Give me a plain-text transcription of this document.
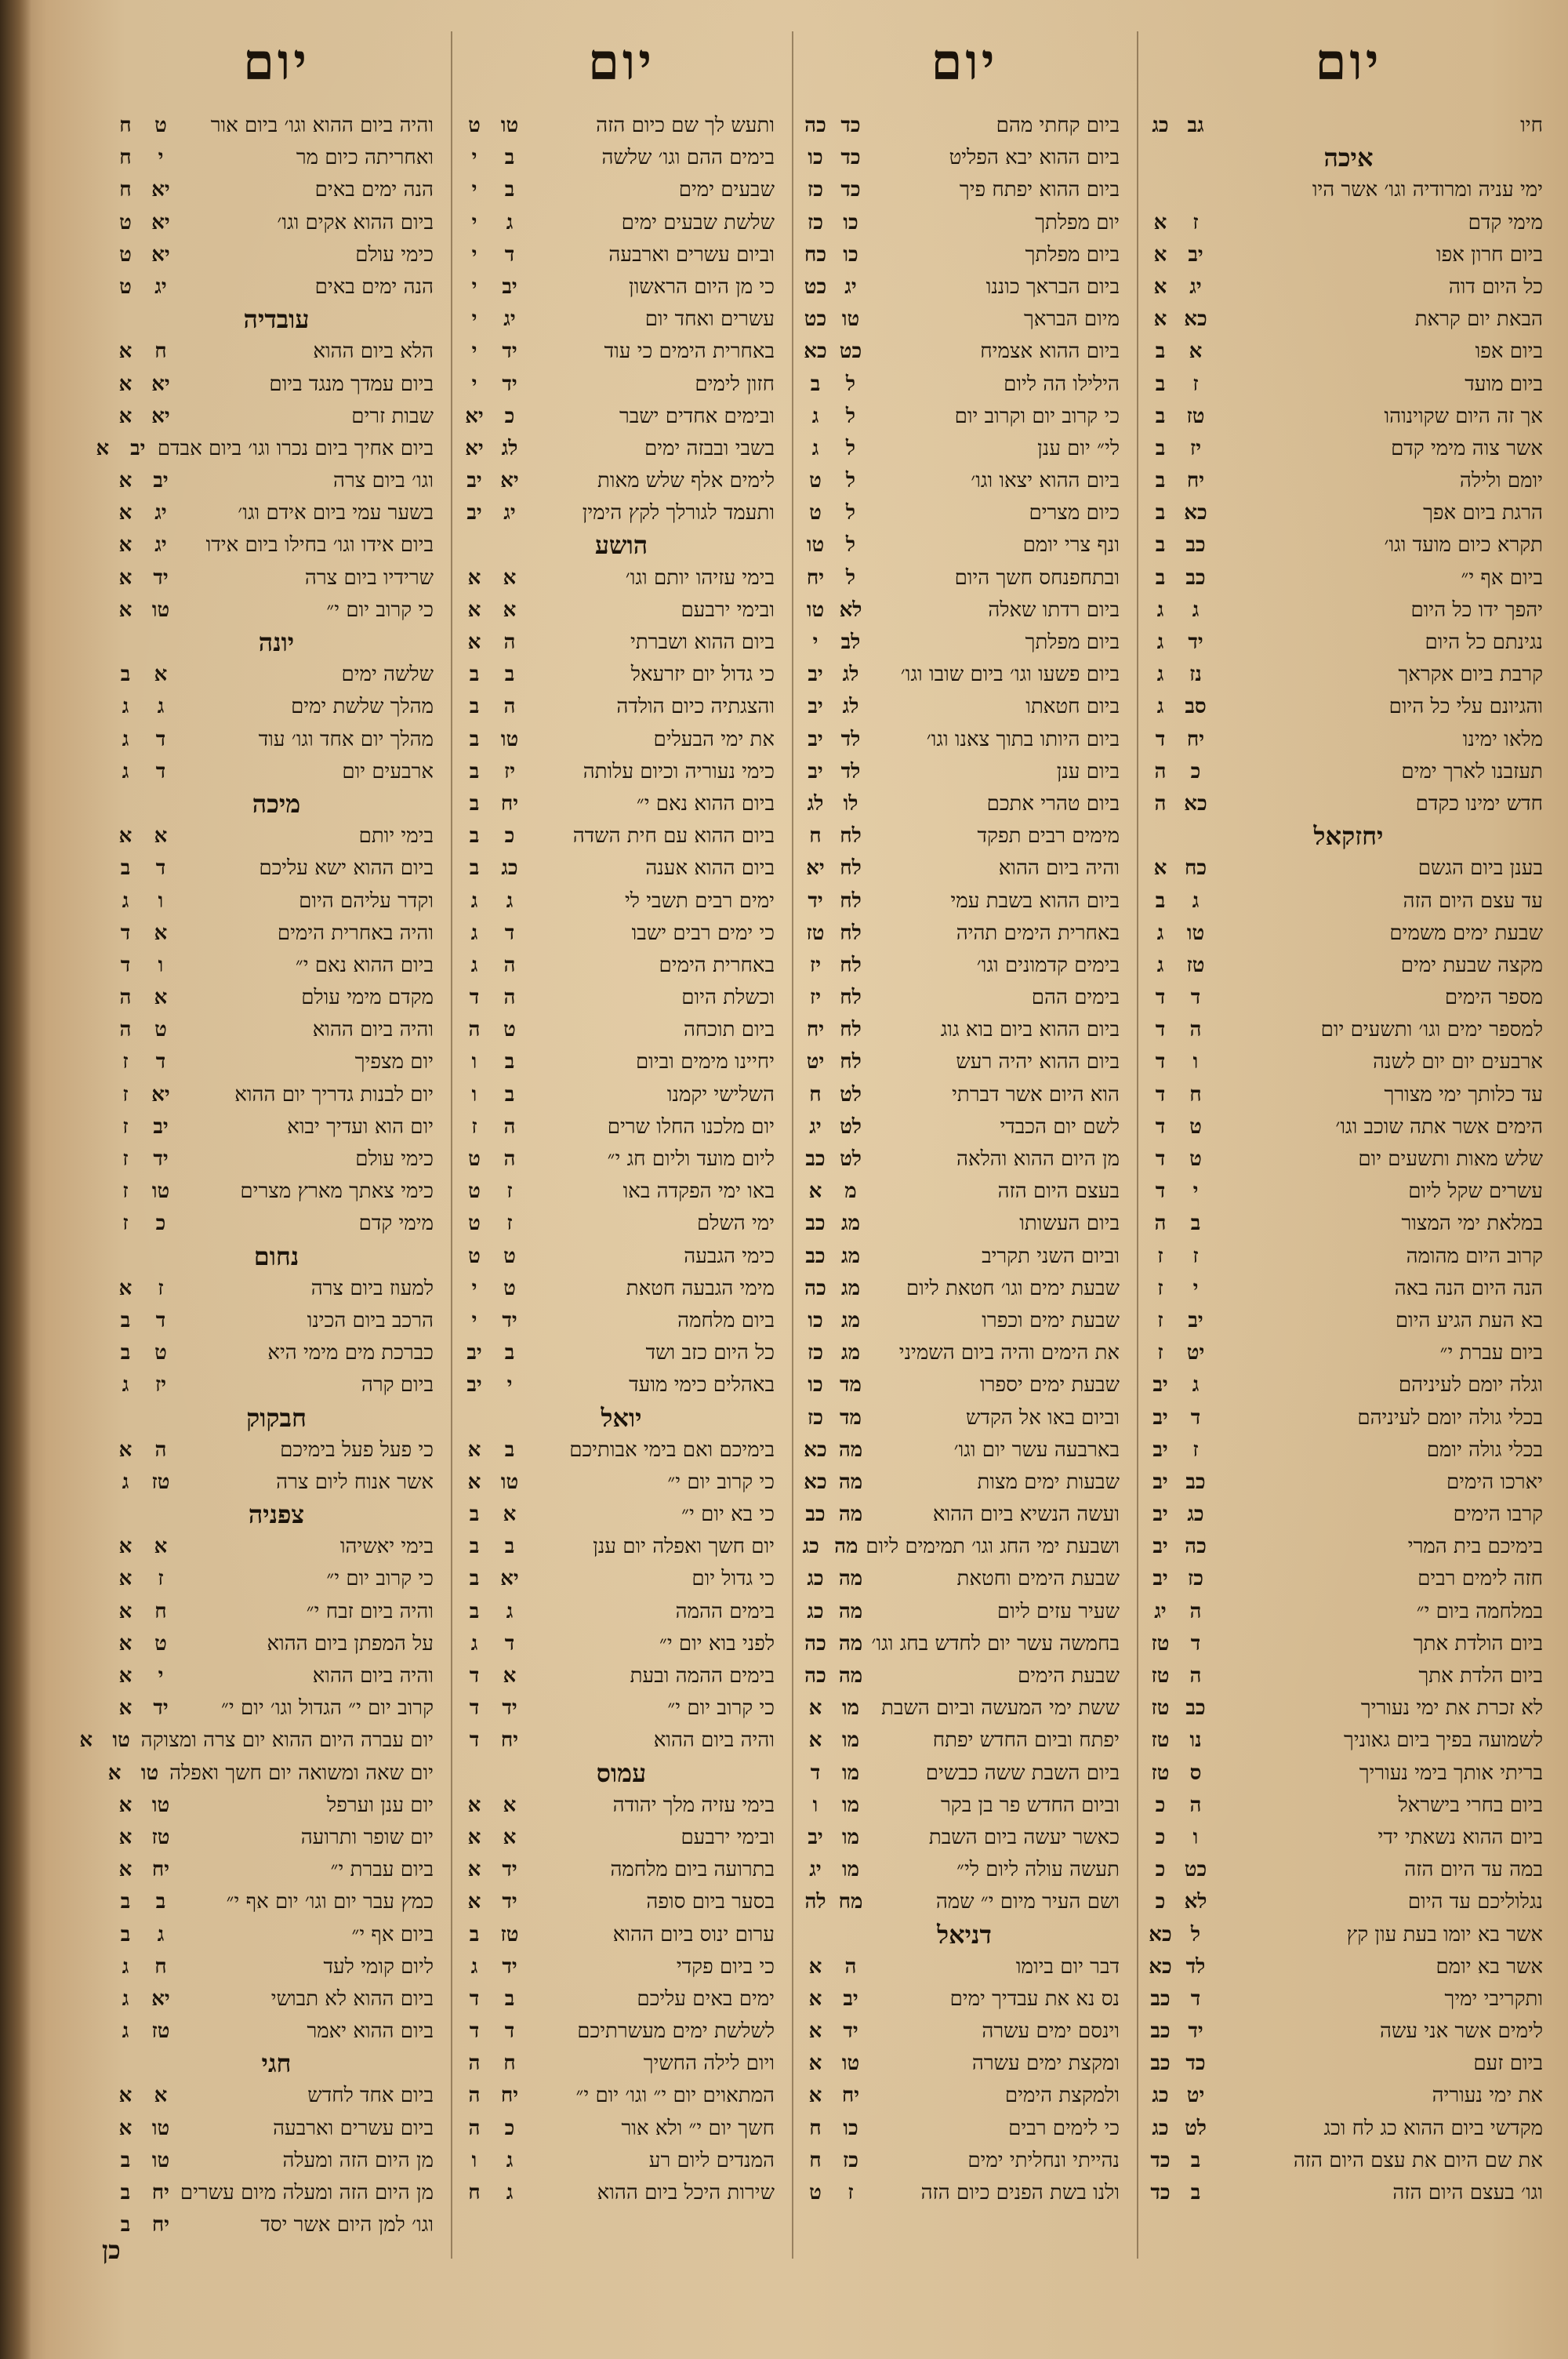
יום
חיו
גב
כג
איכה
ימי עניה ומרודיה וגו׳ אשר היו
מימי קדם
ז
א
ביום חרון אפו
יב
א
כל היום דוה
יג
א
הבאת יום קראת
כא
א
ביום אפו
א
ב
ביום מועד
ז
ב
אך זה היום שקוינוהו
טז
ב
אשר צוה מימי קדם
יז
ב
יומם ולילה
יח
ב
הרגת ביום אפך
כא
ב
תקרא כיום מועד וגו׳
כב
ב
ביום אף י״
כב
ב
יהפך ידו כל היום
ג
ג
נגינתם כל היום
יד
ג
קרבת ביום אקראך
נז
ג
והגיונם עלי כל היום
סב
ג
מלאו ימינו
יח
ד
תעזבנו לארך ימים
כ
ה
חדש ימינו כקדם
כא
ה
יחזקאל
בענן ביום הגשם
כח
א
עד עצם היום הזה
ג
ב
שבעת ימים משמים
טו
ג
מקצה שבעת ימים
טז
ג
מספר הימים
ד
ד
למספר ימים וגו׳ ותשעים יום
ה
ד
ארבעים יום יום לשנה
ו
ד
עד כלותך ימי מצורך
ח
ד
הימים אשר אתה שוכב וגו׳
ט
ד
שלש מאות ותשעים יום
ט
ד
עשרים שקל ליום
י
ד
במלאת ימי המצור
ב
ה
קרוב היום מהומה
ז
ז
הנה היום הנה באה
י
ז
בא העת הגיע היום
יב
ז
ביום עברת י״
יט
ז
וגלה יומם לעיניהם
ג
יב
בכלי גולה יומם לעיניהם
ד
יב
בכלי גולה יומם
ז
יב
יארכו הימים
כב
יב
קרבו הימים
כג
יב
בימיכם בית המרי
כה
יב
חזה לימים רבים
כז
יב
במלחמה ביום י״
ה
יג
ביום הולדת אתך
ד
טז
ביום הלדת אתך
ה
טז
לא זכרת את ימי נעוריך
כב
טז
לשמועה בפיך ביום גאוניך
נו
טז
בריתי אותך בימי נעוריך
ס
טז
ביום בחרי בישראל
ה
כ
ביום ההוא נשאתי ידי
ו
כ
במה עד היום הזה
כט
כ
נגלוליכם עד היום
לא
כ
אשר בא יומו בעת עון קץ
ל
כא
אשר בא יומם
לד
כא
ותקריבי ימיך
ד
כב
לימים אשר אני עשה
יד
כב
ביום זעם
כד
כב
את ימי נעוריה
יט
כג
מקדשי ביום ההוא כג לח וכג
לט
כג
את שם היום את עצם היום הזה
ב
כד
וגו׳ בעצם היום הזה
ב
כד
יום
ביום קחתי מהם
כד
כה
ביום ההוא יבא הפליט
כד
כו
ביום ההוא יפתח פיך
כד
כז
יום מפלתך
כו
כז
ביום מפלתך
כו
כח
ביום הבראך כוננו
יג
כט
מיום הבראך
טו
כט
ביום ההוא אצמיח
כט
כא
הילילו הה ליום
ל
ב
כי קרוב יום וקרוב יום
ל
ג
לי״ יום ענן
ל
ג
ביום ההוא יצאו וגו׳
ל
ט
כיום מצרים
ל
ט
ונף צרי יומם
ל
טו
ובתחפנחס חשך היום
ל
יח
ביום רדתו שאלה
לא
טו
ביום מפלתך
לב
י
ביום פשעו וגו׳ ביום שובו וגו׳
לג
יב
ביום חטאתו
לג
יב
ביום היותו בתוך צאנו וגו׳
לד
יב
ביום ענן
לד
יב
ביום טהרי אתכם
לו
לג
מימים רבים תפקד
לח
ח
והיה ביום ההוא
לח
יא
ביום ההוא בשבת עמי
לח
יד
באחרית הימים תהיה
לח
טז
בימים קדמונים וגו׳
לח
יז
בימים ההם
לח
יז
ביום ההוא ביום בוא גוג
לח
יח
ביום ההוא יהיה רעש
לח
יט
הוא היום אשר דברתי
לט
ח
לשם יום הכבדי
לט
יג
מן היום ההוא והלאה
לט
כב
בעצם היום הזה
מ
א
ביום העשותו
מג
כב
וביום השני תקריב
מג
כב
שבעת ימים וגו׳ חטאת ליום
מג
כה
שבעת ימים וכפרו
מג
כו
את הימים והיה ביום השמיני
מג
כז
שבעת ימים יספרו
מד
כו
וביום באו אל הקדש
מד
כז
בארבעה עשר יום וגו׳
מה
כא
שבעות ימים מצות
מה
כא
ועשה הנשיא ביום ההוא
מה
כב
ושבעת ימי החג וגו׳ תמימים ליום
מה
כג
שבעת הימים וחטאת
מה
כג
שעיר עזים ליום
מה
כג
בחמשה עשר יום לחדש בחג וגו׳
מה
כה
שבעת הימים
מה
כה
ששת ימי המעשה וביום השבת
מו
א
יפתח וביום החדש יפתח
מו
א
ביום השבת ששה כבשים
מו
ד
וביום החדש פר בן בקר
מו
ו
כאשר יעשה ביום השבת
מו
יב
תעשה עולה ליום לי״
מו
יג
ושם העיר מיום י״ שמה
מח
לה
דניאל
דבר יום ביומו
ה
א
נס נא את עבדיך ימים
יב
א
וינסם ימים עשרה
יד
א
ומקצת ימים עשרה
טו
א
ולמקצת הימים
יח
א
כי לימים רבים
כו
ח
נהייתי ונחליתי ימים
כז
ח
ולנו בשת הפנים כיום הזה
ז
ט
יום
ותעש לך שם כיום הזה
טו
ט
בימים ההם וגו׳ שלשה
ב
י
שבעים ימים
ב
י
שלשת שבעים ימים
ג
י
וביום עשרים וארבעה
ד
י
כי מן היום הראשון
יב
י
עשרים ואחד יום
יג
י
באחרית הימים כי עוד
יד
י
חזון לימים
יד
י
ובימים אחדים ישבר
כ
יא
בשבי ובבזה ימים
לג
יא
לימים אלף שלש מאות
יא
יב
ותעמד לגורלך לקץ הימין
יג
יב
הושע
בימי עזיהו יותם וגו׳
א
א
ובימי ירבעם
א
א
ביום ההוא ושברתי
ה
א
כי גדול יום יזרעאל
ב
ב
והצגתיה כיום הולדה
ה
ב
את ימי הבעלים
טו
ב
כימי נעוריה וכיום עלותה
יז
ב
ביום ההוא נאם י״
יח
ב
ביום ההוא עם חית השדה
כ
ב
ביום ההוא אענה
כג
ב
ימים רבים תשבי לי
ג
ג
כי ימים רבים ישבו
ד
ג
באחרית הימים
ה
ג
וכשלת היום
ה
ד
ביום תוכחה
ט
ה
יחיינו מימים וביום
ב
ו
השלישי יקמנו
ב
ו
יום מלכנו החלו שרים
ה
ז
ליום מועד וליום חג י״
ה
ט
באו ימי הפקדה באו
ז
ט
ימי השלם
ז
ט
כימי הגבעה
ט
ט
מימי הגבעה חטאת
ט
י
ביום מלחמה
יד
י
כל היום כזב ושד
ב
יב
באהלים כימי מועד
י
יב
יואל
בימיכם ואם בימי אבותיכם
ב
א
כי קרוב יום י״
טו
א
כי בא יום י״
א
ב
יום חשך ואפלה יום ענן
ב
ב
כי גדול יום
יא
ב
בימים ההמה
ג
ב
לפני בוא יום י״
ד
ג
בימים ההמה ובעת
א
ד
כי קרוב יום י״
יד
ד
והיה ביום ההוא
יח
ד
עמוס
בימי עזיה מלך יהודה
א
א
ובימי ירבעם
א
א
בתרועה ביום מלחמה
יד
א
בסער ביום סופה
יד
א
ערום ינוס ביום ההוא
טז
ב
כי ביום פקדי
יד
ג
ימים באים עליכם
ב
ד
לשלשת ימים מעשרתיכם
ד
ד
ויום לילה החשיך
ח
ה
המתאוים יום י״ וגו׳ יום י״
יח
ה
חשך יום י״ ולא אור
כ
ה
המנדים ליום רע
ג
ו
שירות היכל ביום ההוא
ג
ח
יום
והיה ביום ההוא וגו׳ ביום אור
ט
ח
ואחריתה כיום מר
י
ח
הנה ימים באים
יא
ח
ביום ההוא אקים וגו׳
יא
ט
כימי עולם
יא
ט
הנה ימים באים
יג
ט
עובדיה
הלא ביום ההוא
ח
א
ביום עמדך מנגד ביום
יא
א
שבות זרים
יא
א
ביום אחיך ביום נכרו וגו׳ ביום אבדם
יב
א
וגו׳ ביום צרה
יב
א
בשער עמי ביום אידם וגו׳
יג
א
ביום אידו וגו׳ בחילו ביום אידו
יג
א
שרידיו ביום צרה
יד
א
כי קרוב יום י״
טו
א
יונה
שלשה ימים
א
ב
מהלך שלשת ימים
ג
ג
מהלך יום אחד וגו׳ עוד
ד
ג
ארבעים יום
ד
ג
מיכה
בימי יותם
א
א
ביום ההוא ישא עליכם
ד
ב
וקדר עליהם היום
ו
ג
והיה באחרית הימים
א
ד
ביום ההוא נאם י״
ו
ד
מקדם מימי עולם
א
ה
והיה ביום ההוא
ט
ה
יום מצפיך
ד
ז
יום לבנות גדריך יום ההוא
יא
ז
יום הוא ועדיך יבוא
יב
ז
כימי עולם
יד
ז
כימי צאתך מארץ מצרים
טו
ז
מימי קדם
כ
ז
נחום
למעוז ביום צרה
ז
א
הרכב ביום הכינו
ד
ב
כברכת מים מימי היא
ט
ב
ביום קרה
יז
ג
חבקוק
כי פעל פעל בימיכם
ה
א
אשר אנוח ליום צרה
טז
ג
צפניה
בימי יאשיהו
א
א
כי קרוב יום י״
ז
א
והיה ביום זבח י״
ח
א
על המפתן ביום ההוא
ט
א
והיה ביום ההוא
י
א
קרוב יום י״ הגדול וגו׳ יום י״
יד
א
יום עברה היום ההוא יום צרה ומצוקה
טו
א
יום שאה ומשואה יום חשך ואפלה
טו
א
יום ענן וערפל
טו
א
יום שופר ותרועה
טז
א
ביום עברת י״
יח
א
כמץ עבר יום וגו׳ יום אף י״
ב
ב
ביום אף י״
ג
ב
ליום קומי לעד
ח
ג
ביום ההוא לא תבושי
יא
ג
ביום ההוא יאמר
טז
ג
חגי
ביום אחד לחדש
א
א
ביום עשרים וארבעה
טו
א
מן היום הזה ומעלה
טו
ב
מן היום הזה ומעלה מיום עשרים
יח
ב
וגו׳ למן היום אשר יסד
יח
ב
כן
